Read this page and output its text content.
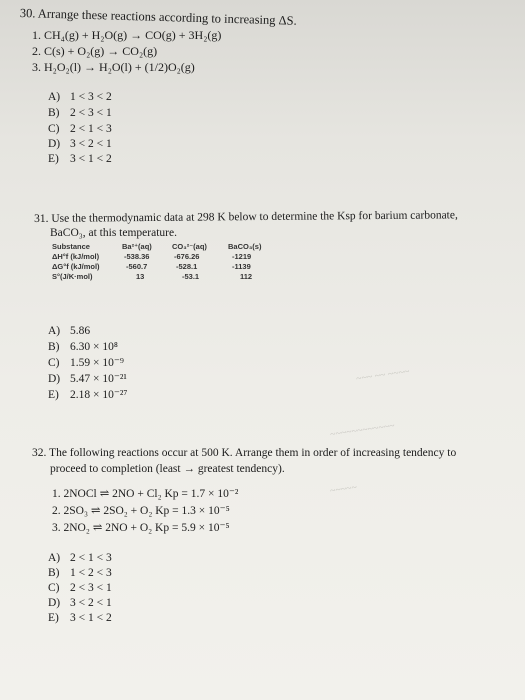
30. Arrange these reactions according to increasing ΔS.
1. CH₄(g) + H₂O(g) → CO(g) + 3H₂(g)
2. C(s) + O₂(g) → CO₂(g)
3. H₂O₂(l) → H₂O(l) + (1/2)O₂(g)
A) 1 < 3 < 2
B) 2 < 3 < 1
C) 2 < 1 < 3
D) 3 < 2 < 1
E) 3 < 1 < 2
31. Use the thermodynamic data at 298 K below to determine the Ksp for barium carbonate,
BaCO₃, at this temperature.
Substance	Ba²⁺(aq)	CO₃²⁻(aq)	BaCO₃(s)
ΔH°f (kJ/mol)	-538.36	-676.26	-1219
ΔG°f (kJ/mol)	-560.7	-528.1	-1139
S°(J/K·mol)	13	-53.1	112
A) 5.86
B) 6.30 × 10⁸
C) 1.59 × 10⁻⁹
D) 5.47 × 10⁻²¹
E) 2.18 × 10⁻²⁷
~~~ ~~ ~~~~
~~~~~~~~~~~~
~~~~~
32. The following reactions occur at 500 K. Arrange them in order of increasing tendency to
proceed to completion (least → greatest tendency).
1. 2NOCl ⇌ 2NO + Cl₂ Kp = 1.7 × 10⁻²
2. 2SO₃ ⇌ 2SO₂ + O₂ Kp = 1.3 × 10⁻⁵
3. 2NO₂ ⇌ 2NO + O₂ Kp = 5.9 × 10⁻⁵
A) 2 < 1 < 3
B) 1 < 2 < 3
C) 2 < 3 < 1
D) 3 < 2 < 1
E) 3 < 1 < 2
